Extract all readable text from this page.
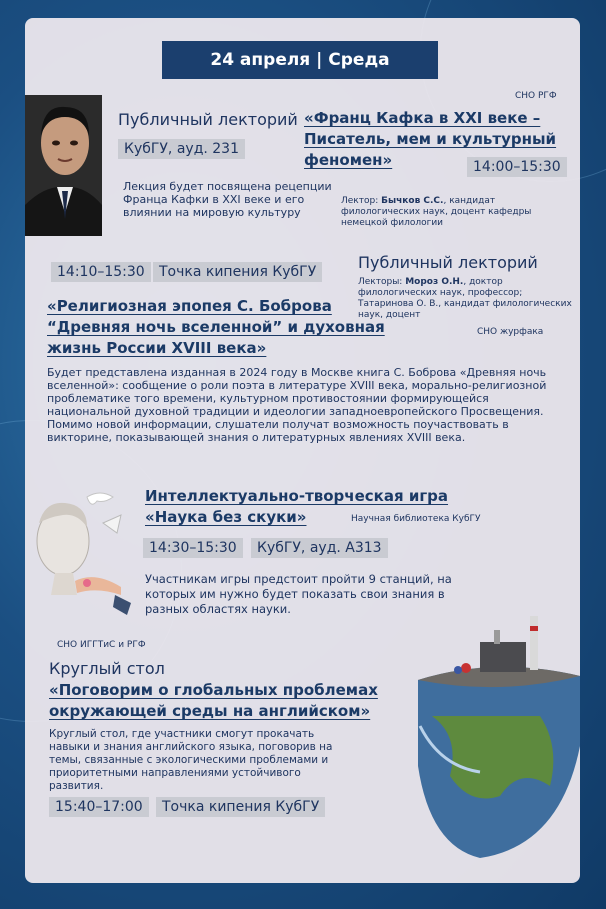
24 апреля | Среда
СНО РГФ
Публичный лекторий
КубГУ, ауд. 231
«Франц Кафка в XXI веке – Писатель, мем и культурный феномен»	14:00–15:30
Лекция будет посвящена рецепции Франца Кафки в XXI веке и его влиянии на мировую культуру
Лектор: Бычков С.С., кандидат филологических наук, доцент кафедры немецкой филологии
14:10–15:30	Точка кипения КубГУ	Публичный лекторий
Лекторы: Мороз О.Н., доктор филологических наук, профессор; Татаринова О. В., кандидат филологических наук, доцент
«Религиозная эпопея С. Боброва “Древняя ночь вселенной” и духовная жизнь России XVIII века»
СНО журфака
Будет представлена изданная в 2024 году в Москве книга С. Боброва «Древняя ночь вселенной»: сообщение о роли поэта в литературе XVIII века, морально-религиозной проблематике того времени, культурном противостоянии формирующейся национальной духовной традиции и идеологии западноевропейского Просвещения. Помимо новой информации, слушатели получат возможность поучаствовать в викторине, показывающей знания о литературных явлениях XVIII века.
Интеллектуально-творческая игра «Наука без скуки»	Научная библиотека КубГУ
14:30–15:30	КубГУ, ауд. А313
Участникам игры предстоит пройти 9 станций, на которых им нужно будет показать свои знания в разных областях науки.
СНО ИГГТиС и РГФ
Круглый стол
«Поговорим о глобальных проблемах окружающей среды на английском»
Круглый стол, где участники смогут прокачать навыки и знания английского языка, поговорив на темы, связанные с экологическими проблемами и приоритетными направлениями устойчивого развития.
15:40–17:00	Точка кипения КубГУ
